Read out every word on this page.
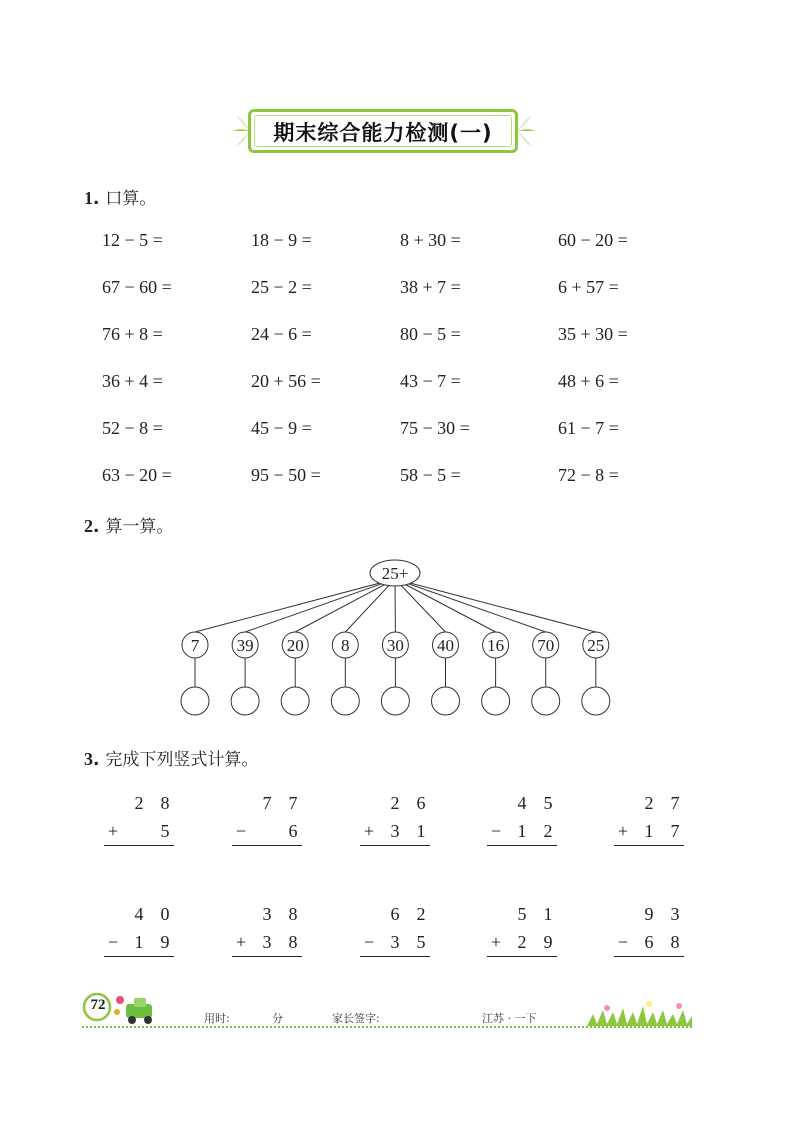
期末综合能力检测(一)
1. 口算。
12 − 5 =	18 − 9 =	8 + 30 =	60 − 20 =
67 − 60 =	25 − 2 =	38 + 7 =	6 + 57 =
76 + 8 =	24 − 6 =	80 − 5 =	35 + 30 =
36 + 4 =	20 + 56 =	43 − 7 =	48 + 6 =
52 − 8 =	45 − 9 =	75 − 30 =	61 − 7 =
63 − 20 =	95 − 50 =	58 − 5 =	72 − 8 =
2. 算一算。
25+
7 39 20 8 30 40 16 70 25
3. 完成下列竖式计算。
2 8
+ 5
7 7
− 6
2 6
+ 3 1
4 5
− 1 2
2 7
+ 1 7
4 0
− 1 9
3 8
+ 3 8
6 2
− 3 5
5 1
+ 2 9
9 3
− 6 8
72
用时:	分	家长签字:	江苏 · 一下
